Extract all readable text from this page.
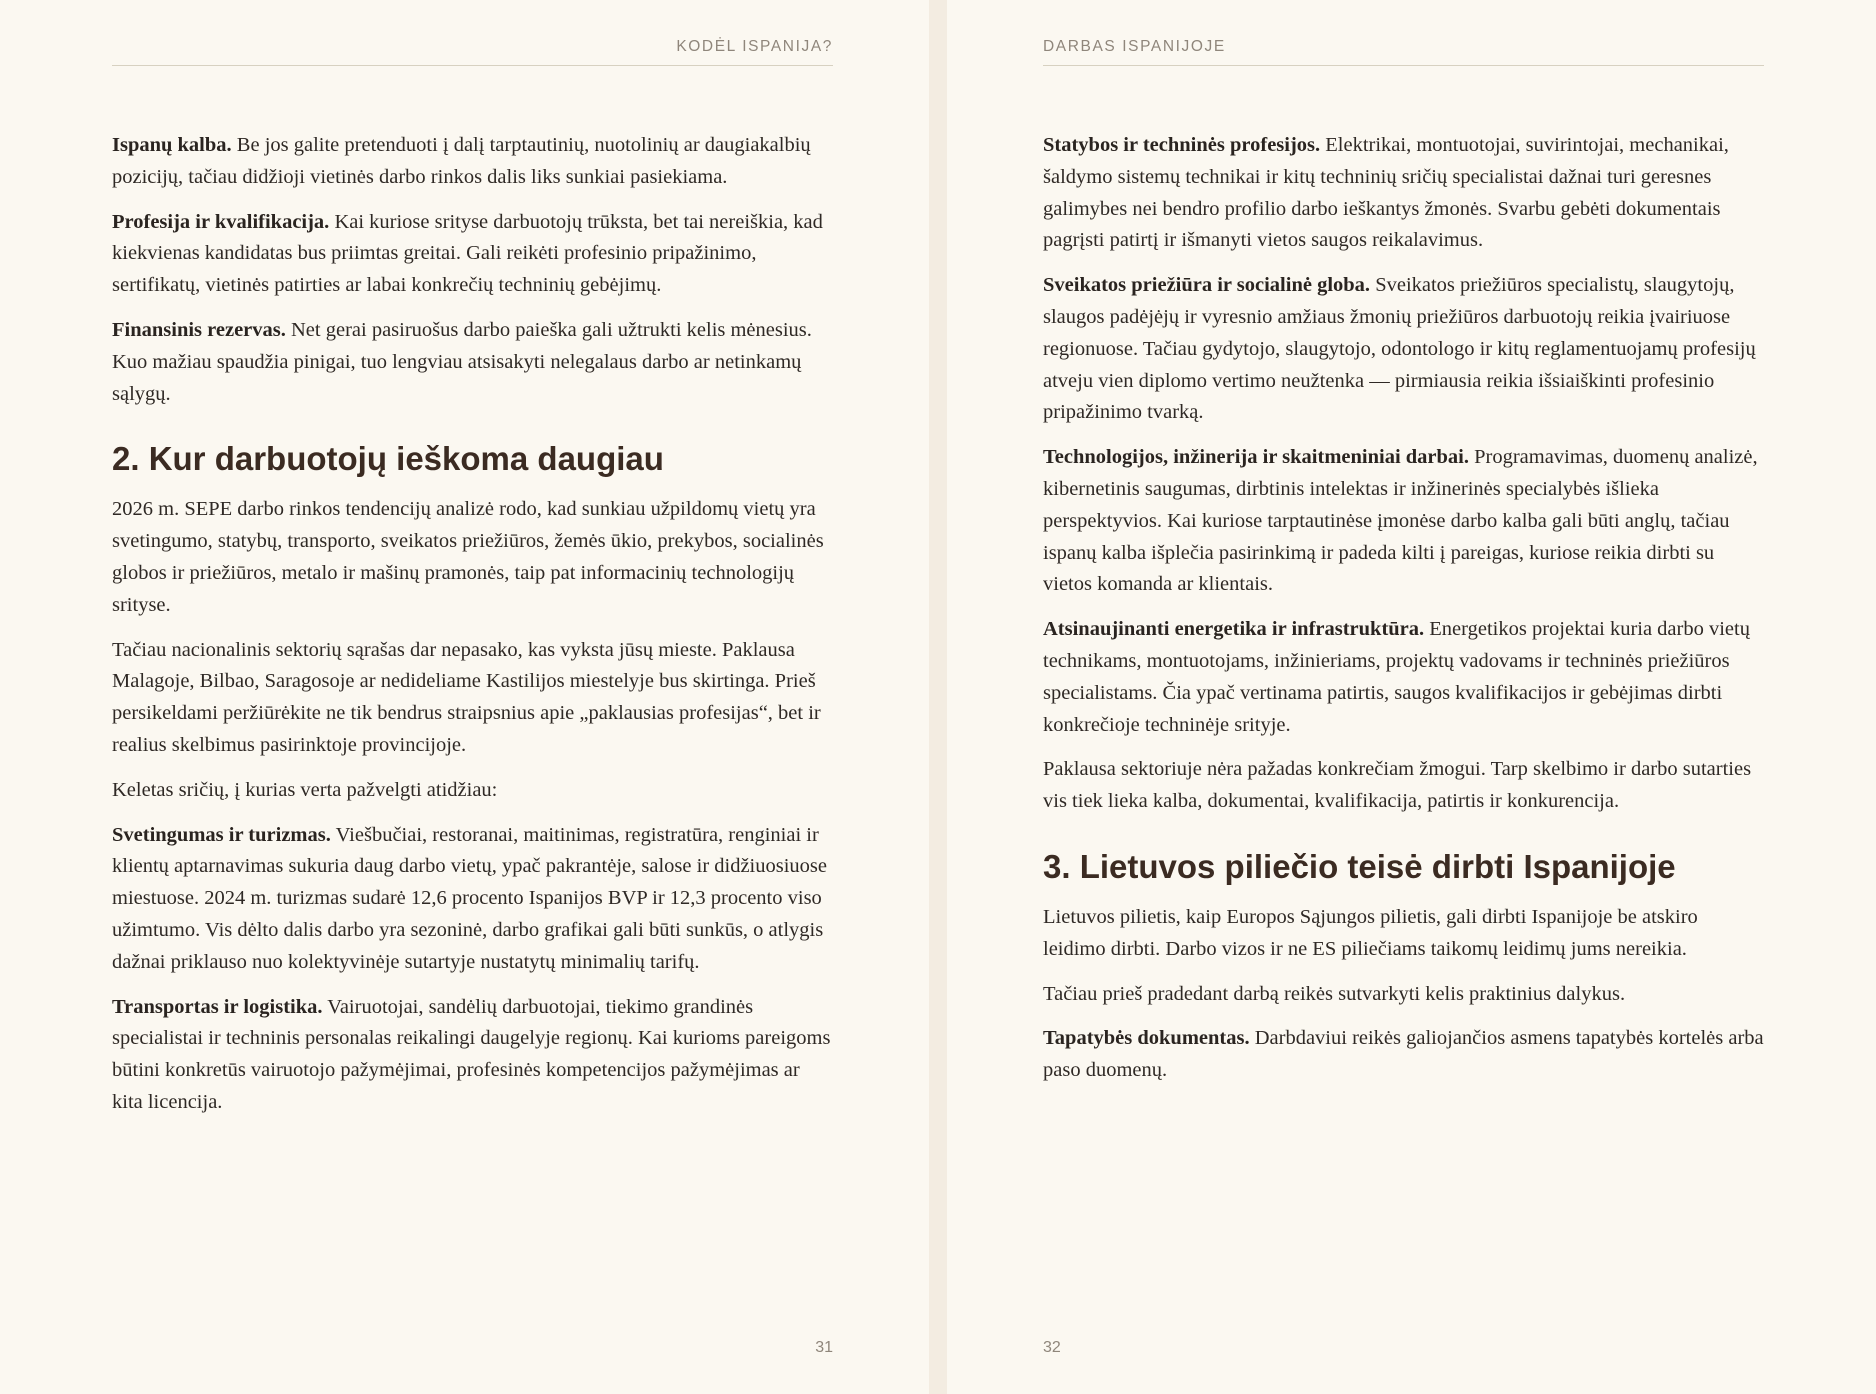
KODĖL ISPANIJA?

Ispanų kalba. Be jos galite pretenduoti į dalį tarptautinių, nuotolinių ar daugiakalbių pozicijų, tačiau didžioji vietinės darbo rinkos dalis liks sunkiai pasiekiama.

Profesija ir kvalifikacija. Kai kuriose srityse darbuotojų trūksta, bet tai nereiškia, kad kiekvienas kandidatas bus priimtas greitai. Gali reikėti profesinio pripažinimo, sertifikatų, vietinės patirties ar labai konkrečių techninių gebėjimų.

Finansinis rezervas. Net gerai pasiruošus darbo paieška gali užtrukti kelis mėnesius. Kuo mažiau spaudžia pinigai, tuo lengviau atsisakyti nelegalaus darbo ar netinkamų sąlygų.

2. Kur darbuotojų ieškoma daugiau

2026 m. SEPE darbo rinkos tendencijų analizė rodo, kad sunkiau užpildomų vietų yra svetingumo, statybų, transporto, sveikatos priežiūros, žemės ūkio, prekybos, socialinės globos ir priežiūros, metalo ir mašinų pramonės, taip pat informacinių technologijų srityse.

Tačiau nacionalinis sektorių sąrašas dar nepasako, kas vyksta jūsų mieste. Paklausa Malagoje, Bilbao, Saragosoje ar nedideliame Kastilijos miestelyje bus skirtinga. Prieš persikeldami peržiūrėkite ne tik bendrus straipsnius apie „paklausias profesijas“, bet ir realius skelbimus pasirinktoje provincijoje.

Keletas sričių, į kurias verta pažvelgti atidžiau:

Svetingumas ir turizmas. Viešbučiai, restoranai, maitinimas, registratūra, renginiai ir klientų aptarnavimas sukuria daug darbo vietų, ypač pakrantėje, salose ir didžiuosiuose miestuose. 2024 m. turizmas sudarė 12,6 procento Ispanijos BVP ir 12,3 procento viso užimtumo. Vis dėlto dalis darbo yra sezoninė, darbo grafikai gali būti sunkūs, o atlygis dažnai priklauso nuo kolektyvinėje sutartyje nustatytų minimalių tarifų.

Transportas ir logistika. Vairuotojai, sandėlių darbuotojai, tiekimo grandinės specialistai ir techninis personalas reikalingi daugelyje regionų. Kai kurioms pareigoms būtini konkretūs vairuotojo pažymėjimai, profesinės kompetencijos pažymėjimas ar kita licencija.

31
DARBAS ISPANIJOJE

Statybos ir techninės profesijos. Elektrikai, montuotojai, suvirintojai, mechanikai, šaldymo sistemų technikai ir kitų techninių sričių specialistai dažnai turi geresnes galimybes nei bendro profilio darbo ieškantys žmonės. Svarbu gebėti dokumentais pagrįsti patirtį ir išmanyti vietos saugos reikalavimus.

Sveikatos priežiūra ir socialinė globa. Sveikatos priežiūros specialistų, slaugytojų, slaugos padėjėjų ir vyresnio amžiaus žmonių priežiūros darbuotojų reikia įvairiuose regionuose. Tačiau gydytojo, slaugytojo, odontologo ir kitų reglamentuojamų profesijų atveju vien diplomo vertimo neužtenka — pirmiausia reikia išsiaiškinti profesinio pripažinimo tvarką.

Technologijos, inžinerija ir skaitmeniniai darbai. Programavimas, duomenų analizė, kibernetinis saugumas, dirbtinis intelektas ir inžinerinės specialybės išlieka perspektyvios. Kai kuriose tarptautinėse įmonėse darbo kalba gali būti anglų, tačiau ispanų kalba išplečia pasirinkimą ir padeda kilti į pareigas, kuriose reikia dirbti su vietos komanda ar klientais.

Atsinaujinanti energetika ir infrastruktūra. Energetikos projektai kuria darbo vietų technikams, montuotojams, inžinieriams, projektų vadovams ir techninės priežiūros specialistams. Čia ypač vertinama patirtis, saugos kvalifikacijos ir gebėjimas dirbti konkrečioje techninėje srityje.

Paklausa sektoriuje nėra pažadas konkrečiam žmogui. Tarp skelbimo ir darbo sutarties vis tiek lieka kalba, dokumentai, kvalifikacija, patirtis ir konkurencija.

3. Lietuvos piliečio teisė dirbti Ispanijoje

Lietuvos pilietis, kaip Europos Sąjungos pilietis, gali dirbti Ispanijoje be atskiro leidimo dirbti. Darbo vizos ir ne ES piliečiams taikomų leidimų jums nereikia.

Tačiau prieš pradedant darbą reikės sutvarkyti kelis praktinius dalykus.

Tapatybės dokumentas. Darbdaviui reikės galiojančios asmens tapatybės kortelės arba paso duomenų.

32
